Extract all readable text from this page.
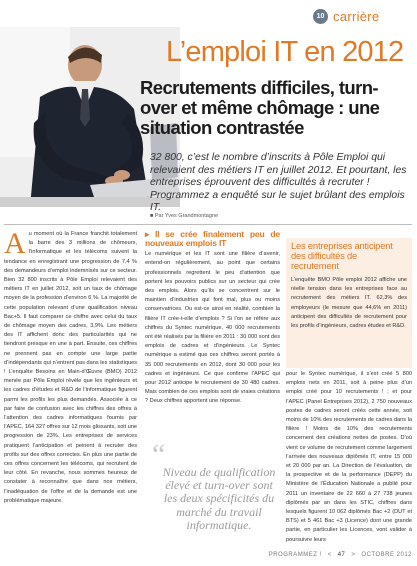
10 carrière
L’emploi IT en 2012
Recrutements difficiles, turn-over et même chômage : une situation contrastée
32 800, c’est le nombre d’inscrits à Pôle Emploi qui relevaient des métiers IT en juillet 2012. Et pourtant, les entreprises éprouvent des difficultés à recruter ! Programmez a enquêté sur le sujet brûlant des emplois IT.
■ Par Yves Grandmontagne
A u moment où la France franchit totalement la barre des 3 millions de chômeurs, l’informatique et les télécoms suivent la tendance en enregistrant une progression de 7,4 % des demandeurs d’emploi indemnisés sur ce secteur. Bien 32 800 inscrits à Pôle Emploi relevaient des métiers IT en juillet 2012, soit un taux de chômage moyen de la profession d’environ 6 %. La majorité de cette population relevant d’une qualification niveau Bac+5. Il faut comparer ce chiffre avec celui du taux de chômage moyen des cadres, 3,9%. Les métiers des IT affichent donc des particularités qui ne tiendront presque en une à part. Ensuite, ces chiffres ne prennent pas en compte une large partie d’indépendants qui n’entrent pas dans les statistiques ! L’enquête Besoins en Main-d’Œuvre (BMO) 2012 menée par Pôle Emploi révèle que les ingénieurs et les cadres d’études et R&D de l’informatique figurent parmi les profils les plus demandés. Associée à ce par faire de confusion avec les chiffres des offres à l’attention des cadres informatiques fournis par l’APEC, 164 327 offres sur 12 mois glissants, soit une progression de 23%. Les entreprises de services pratiquent l’anticipation et peinent à recruter des profils sur des offres correctes. En plus une partie de ces offres concernent les télécoms, qui recrutent de leur côté. En revanche, nous sommes heureux de constater à reconnaître que dans nos métiers, l’inadéquation de l’offre et de la demande est une problématique majeure.
▸ Il se crée finalement peu de nouveaux emplois IT
Le numérique et les IT sont une filière d’avenir, entend-on régulièrement, au point que certains professionnels regrettent le peu d’attention que portent les pouvoirs publics sur un secteur qui crée des emplois. Alors qu’ils se concentrent sur le maintien d’industries qui font mal, plus ou moins conservatrices. Ou est-ce ainsi en réalité, combien la filière IT crée-t-elle d’emplois ? Si l’on se réfère aux chiffres du Syntec numérique, 40 000 recrutements ont été réalisés par la filière en 2011 : 30 000 sont des emplois de cadres et d’ingénieurs. Le Syntec numérique a estimé que ces chiffres seront portés à 35 000 recrutements en 2012, dont 30 000 pour les cadres et ingénieurs. Ce que confirme l’APEC qui pour 2012 anticipe le recrutement de 30 480 cadres. Mais combien de ces emplois sont de vraies créations ? Deux chiffres apportent une réponse.
“
Niveau de qualification élevé et turn-over sont les deux spécificités du marché du travail informatique.
Les entreprises anticipent des difficultés de recrutement
L’enquête BMO Pôle emploi 2012 affiche une réelle tension dans les entreprises face au recrutement des métiers IT. 62,3% des employeurs (le mesure que 44,6% en 2011) anticipent des difficultés de recrutement pour les profils d’ingénieurs, cadres études et R&D.
pour le Syntec numérique, il s’est créé 5 800 emplois nets en 2011, soit à peine plus d’un emploi créé pour 10 recrutements ! ; et pour l’APEC (Panel Entreprises 2012), 2 750 nouveaux postes de cadres seront créés cette année, soit moins de 10% des recrutements de cadres dans la filière ! Moins de 10% des recrutements concernent des créations nettes de postes. D’où vient ce volume de recrutement comme largement l’arrivée des nouveaux diplômés IT, entre 15 000 et 20 000 par an. La Direction de l’évaluation, de la prospective et de la performance (DEPP) du Ministère de l’Éducation Nationale a publié pour 2011 un inventaire de 22 660 à 27 738 jeunes diplômés par an dans les STIC, chiffres dans lesquels figurent 10 062 diplômés Bac +2 (DUT et BTS) et 5 461 Bac +3 (Licence) dont une grande partie, en particulier les Licences, vont valider à poursuivre leurs
PROGRAMMEZ ! < 47 > OCTOBRE 2012
